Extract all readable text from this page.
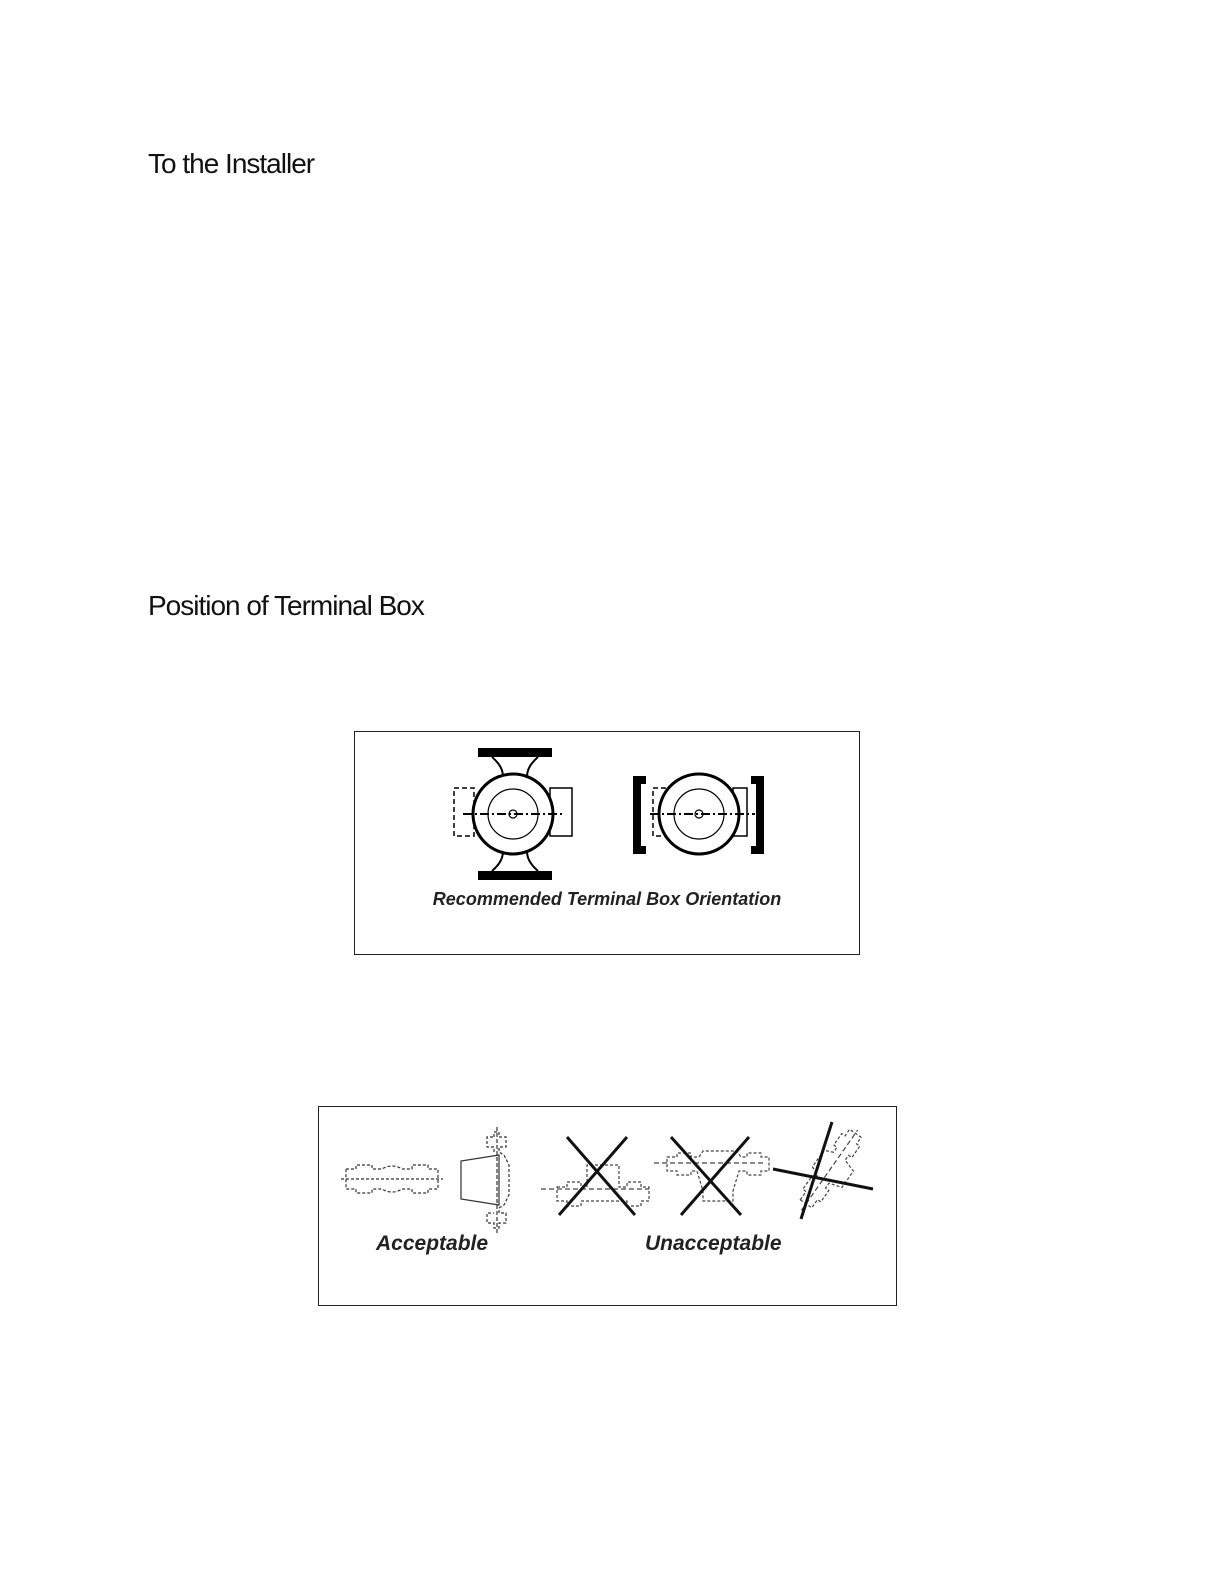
To the Installer
Position of Terminal Box
Recommended Terminal Box Orientation
Acceptable	Unacceptable
